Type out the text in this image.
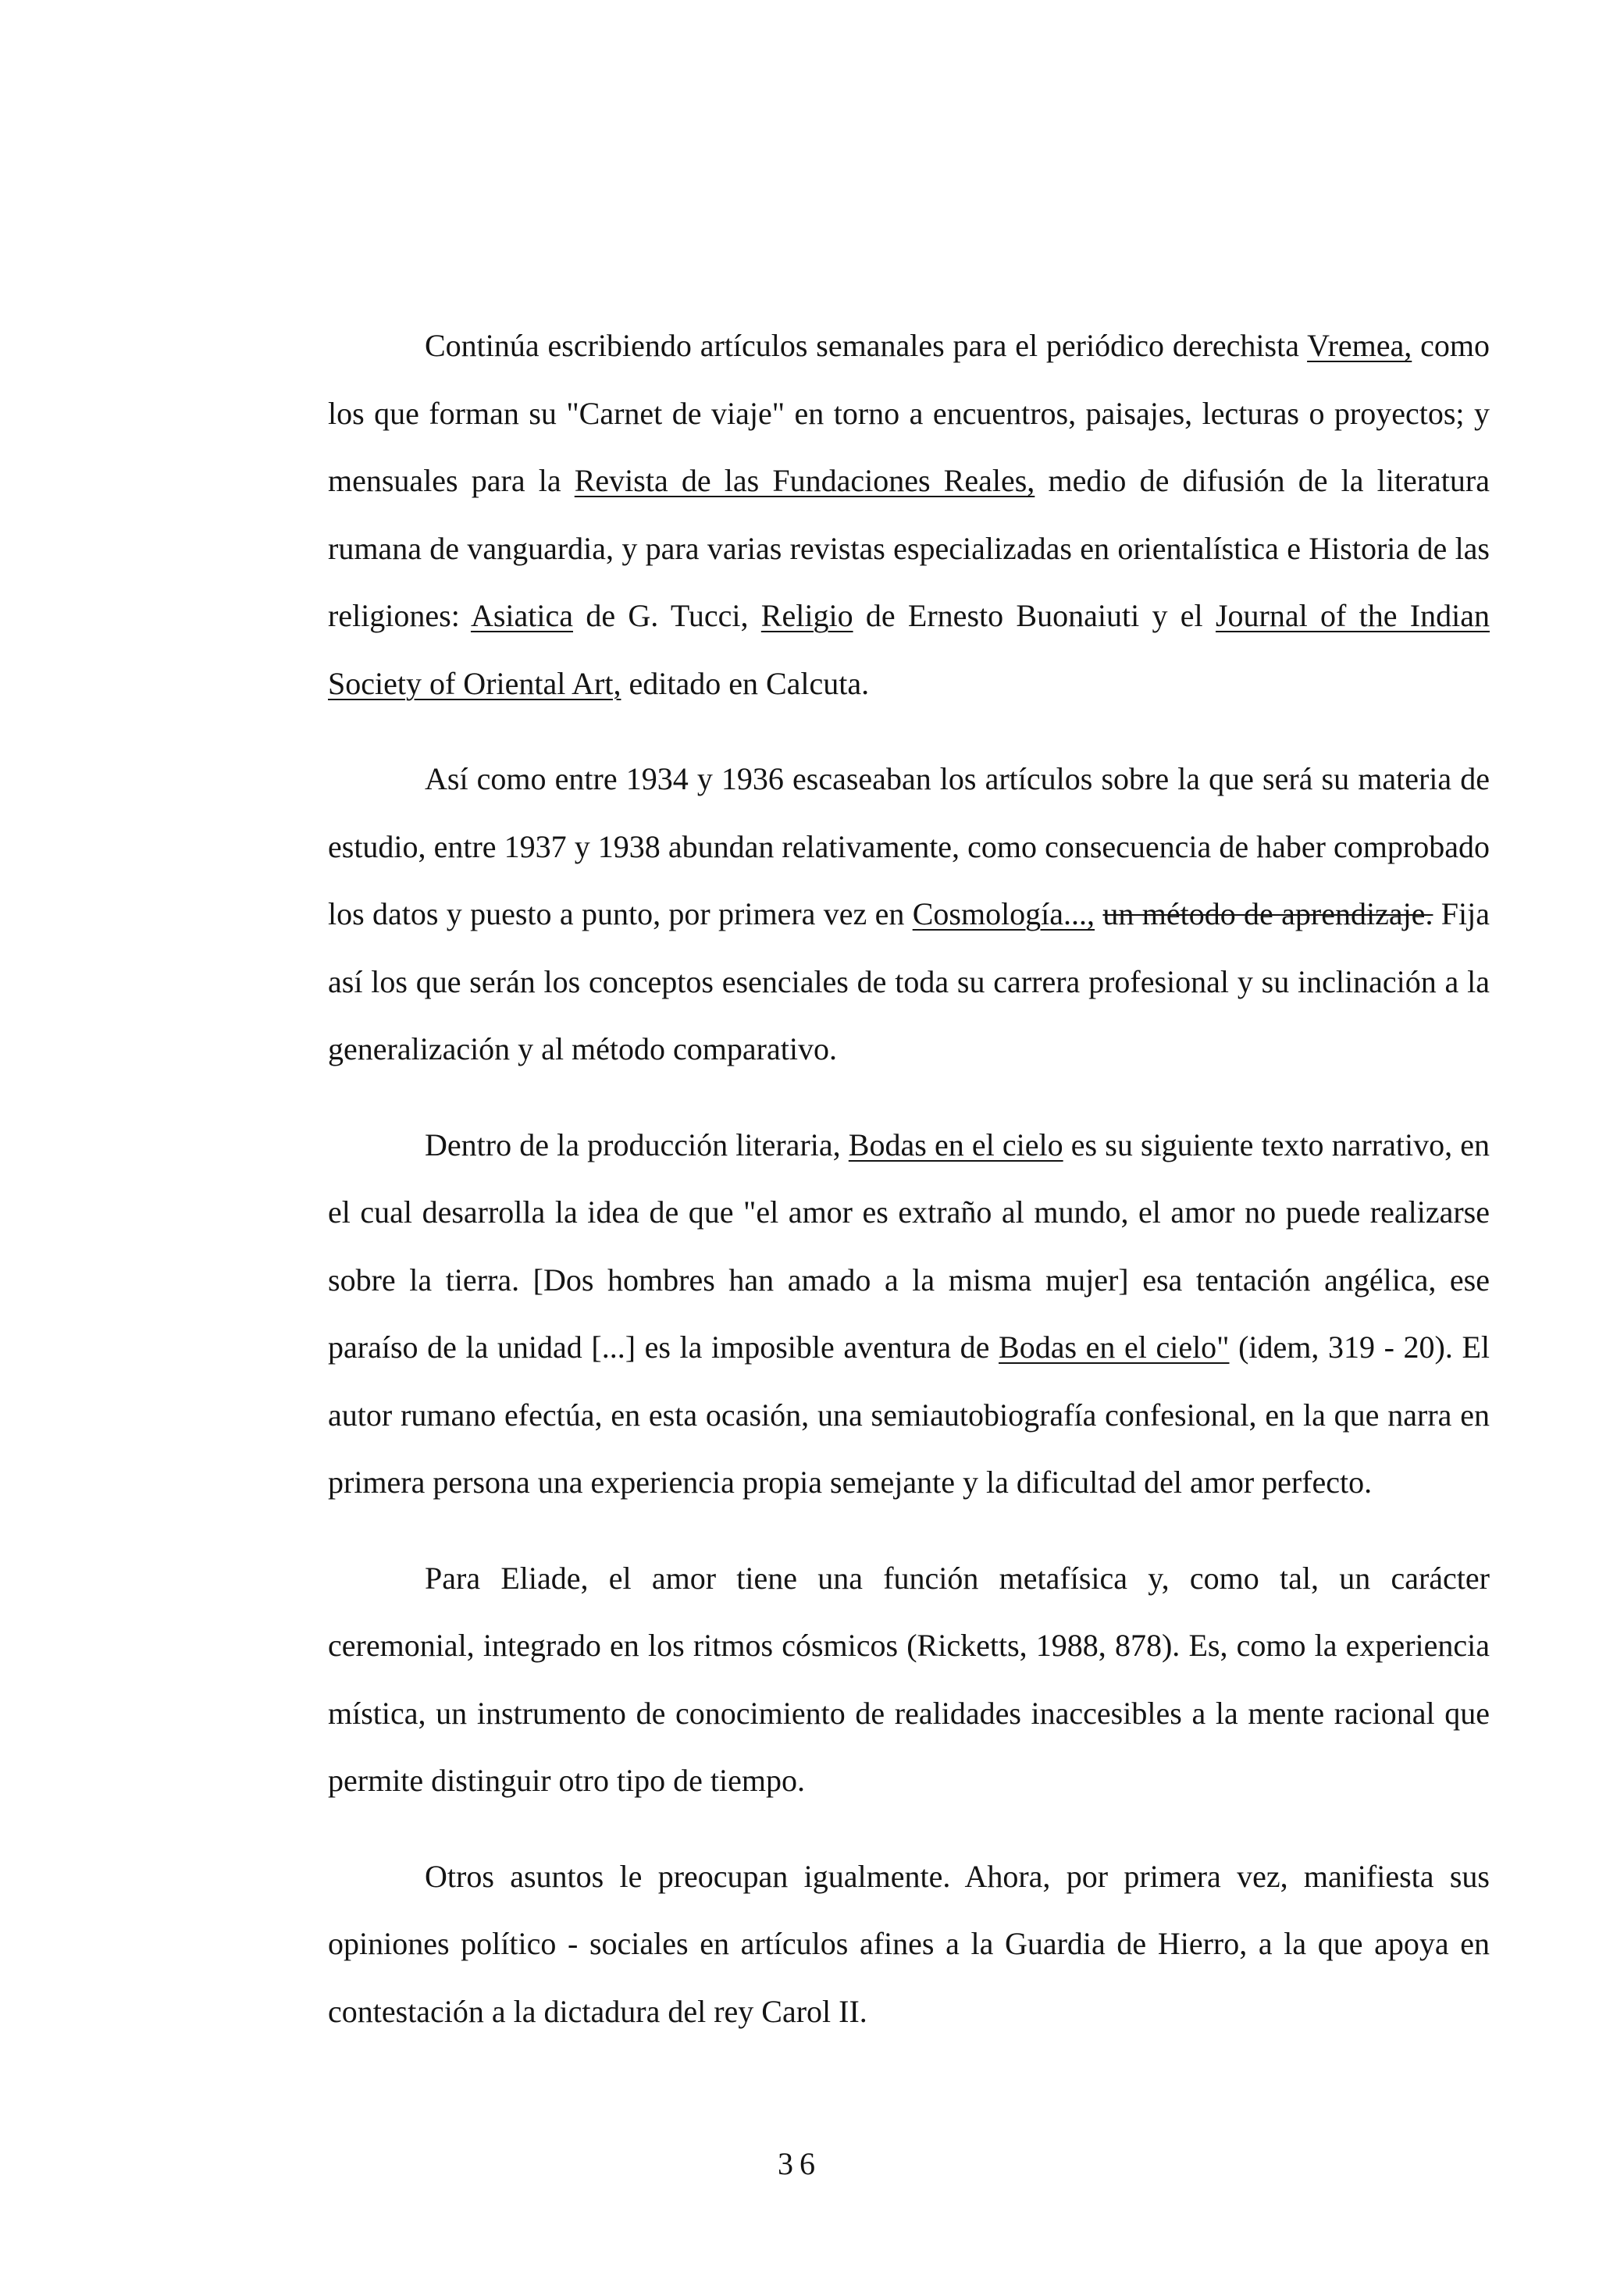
Continúa escribiendo artículos semanales para el periódico derechista Vremea, como los que forman su "Carnet de viaje" en torno a encuentros, paisajes, lecturas o proyectos; y mensuales para la Revista de las Fundaciones Reales, medio de difusión de la literatura rumana de vanguardia, y para varias revistas especializadas en orientalística e Historia de las religiones: Asiatica de G. Tucci, Religio de Ernesto Buonaiuti y el Journal of the Indian Society of Oriental Art, editado en Calcuta.

Así como entre 1934 y 1936 escaseaban los artículos sobre la que será su materia de estudio, entre 1937 y 1938 abundan relativamente, como consecuencia de haber comprobado los datos y puesto a punto, por primera vez en Cosmología..., un método de aprendizaje. Fija así los que serán los conceptos esenciales de toda su carrera profesional y su inclinación a la generalización y al método comparativo.

Dentro de la producción literaria, Bodas en el cielo es su siguiente texto narrativo, en el cual desarrolla la idea de que "el amor es extraño al mundo, el amor no puede realizarse sobre la tierra. [Dos hombres han amado a la misma mujer] esa tentación angélica, ese paraíso de la unidad [...] es la imposible aventura de Bodas en el cielo" (idem, 319 - 20). El autor rumano efectúa, en esta ocasión, una semiautobiografía confesional, en la que narra en primera persona una experiencia propia semejante y la dificultad del amor perfecto.

Para Eliade, el amor tiene una función metafísica y, como tal, un carácter ceremonial, integrado en los ritmos cósmicos (Ricketts, 1988, 878). Es, como la experiencia mística, un instrumento de conocimiento de realidades inaccesibles a la mente racional que permite distinguir otro tipo de tiempo.

Otros asuntos le preocupan igualmente. Ahora, por primera vez, manifiesta sus opiniones político - sociales en artículos afines a la Guardia de Hierro, a la que apoya en contestación a la dictadura del rey Carol II.

36
